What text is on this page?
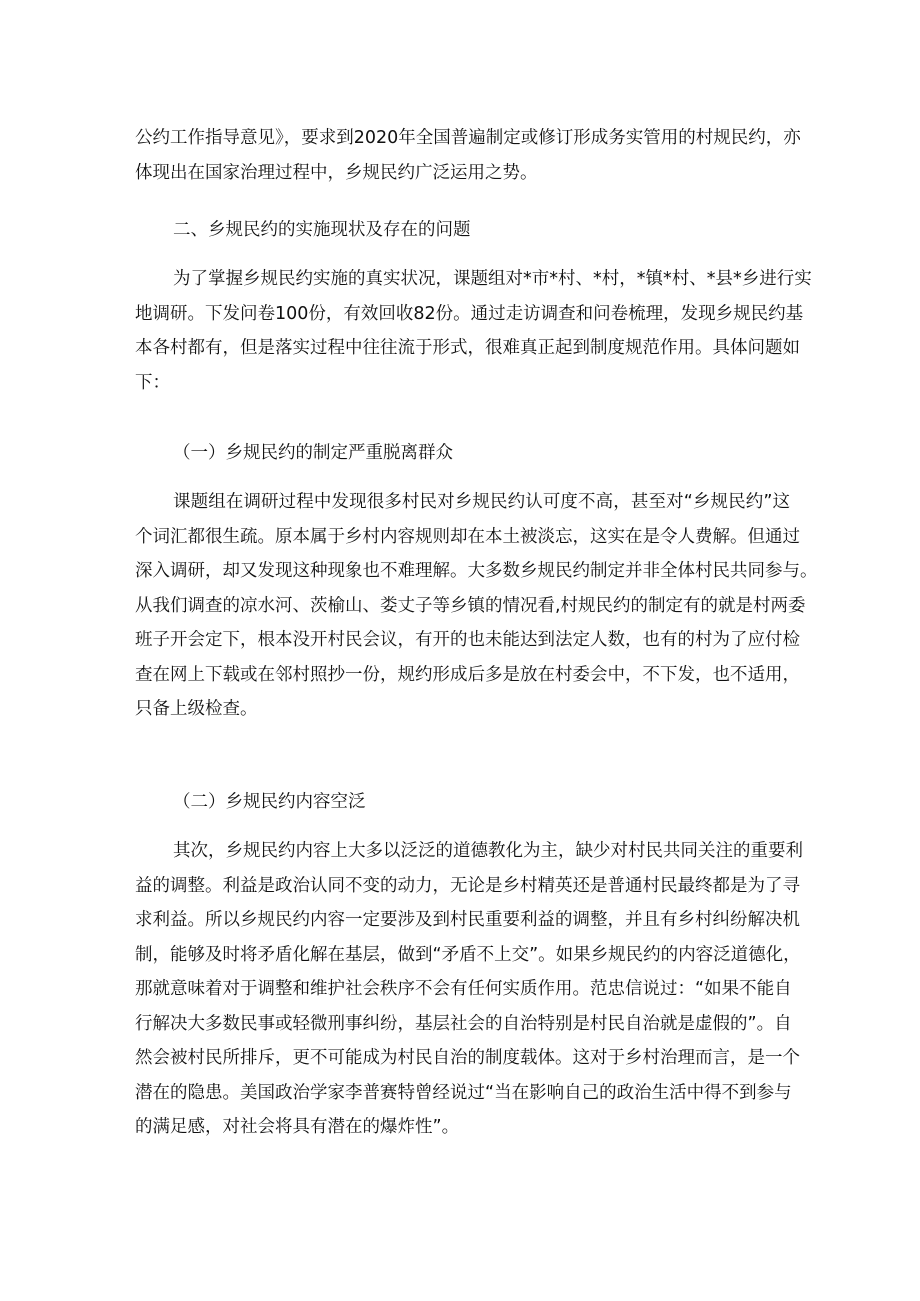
公约工作指导意见》，要求到2020年全国普遍制定或修订形成务实管用的村规民约，亦
体现出在国家治理过程中，乡规民约广泛运用之势。
二、乡规民约的实施现状及存在的问题
为了掌握乡规民约实施的真实状况，课题组对*市*村、*村，*镇*村、*县*乡进行实
地调研。下发问卷100份，有效回收82份。通过走访调查和问卷梳理，发现乡规民约基
本各村都有，但是落实过程中往往流于形式，很难真正起到制度规范作用。具体问题如
下：
（一）乡规民约的制定严重脱离群众
课题组在调研过程中发现很多村民对乡规民约认可度不高，甚至对“乡规民约”这
个词汇都很生疏。原本属于乡村内容规则却在本土被淡忘，这实在是令人费解。但通过
深入调研，却又发现这种现象也不难理解。大多数乡规民约制定并非全体村民共同参与。
从我们调查的凉水河、茨榆山、娄丈子等乡镇的情况看,村规民约的制定有的就是村两委
班子开会定下，根本没开村民会议，有开的也未能达到法定人数，也有的村为了应付检
查在网上下载或在邻村照抄一份，规约形成后多是放在村委会中，不下发，也不适用，
只备上级检查。
（二）乡规民约内容空泛
其次，乡规民约内容上大多以泛泛的道德教化为主，缺少对村民共同关注的重要利
益的调整。利益是政治认同不变的动力，无论是乡村精英还是普通村民最终都是为了寻
求利益。所以乡规民约内容一定要涉及到村民重要利益的调整，并且有乡村纠纷解决机
制，能够及时将矛盾化解在基层，做到“矛盾不上交”。如果乡规民约的内容泛道德化，
那就意味着对于调整和维护社会秩序不会有任何实质作用。范忠信说过：“如果不能自
行解决大多数民事或轻微刑事纠纷，基层社会的自治特别是村民自治就是虚假的”。自
然会被村民所排斥，更不可能成为村民自治的制度载体。这对于乡村治理而言，是一个
潜在的隐患。美国政治学家李普赛特曾经说过“当在影响自己的政治生活中得不到参与
的满足感，对社会将具有潜在的爆炸性”。
